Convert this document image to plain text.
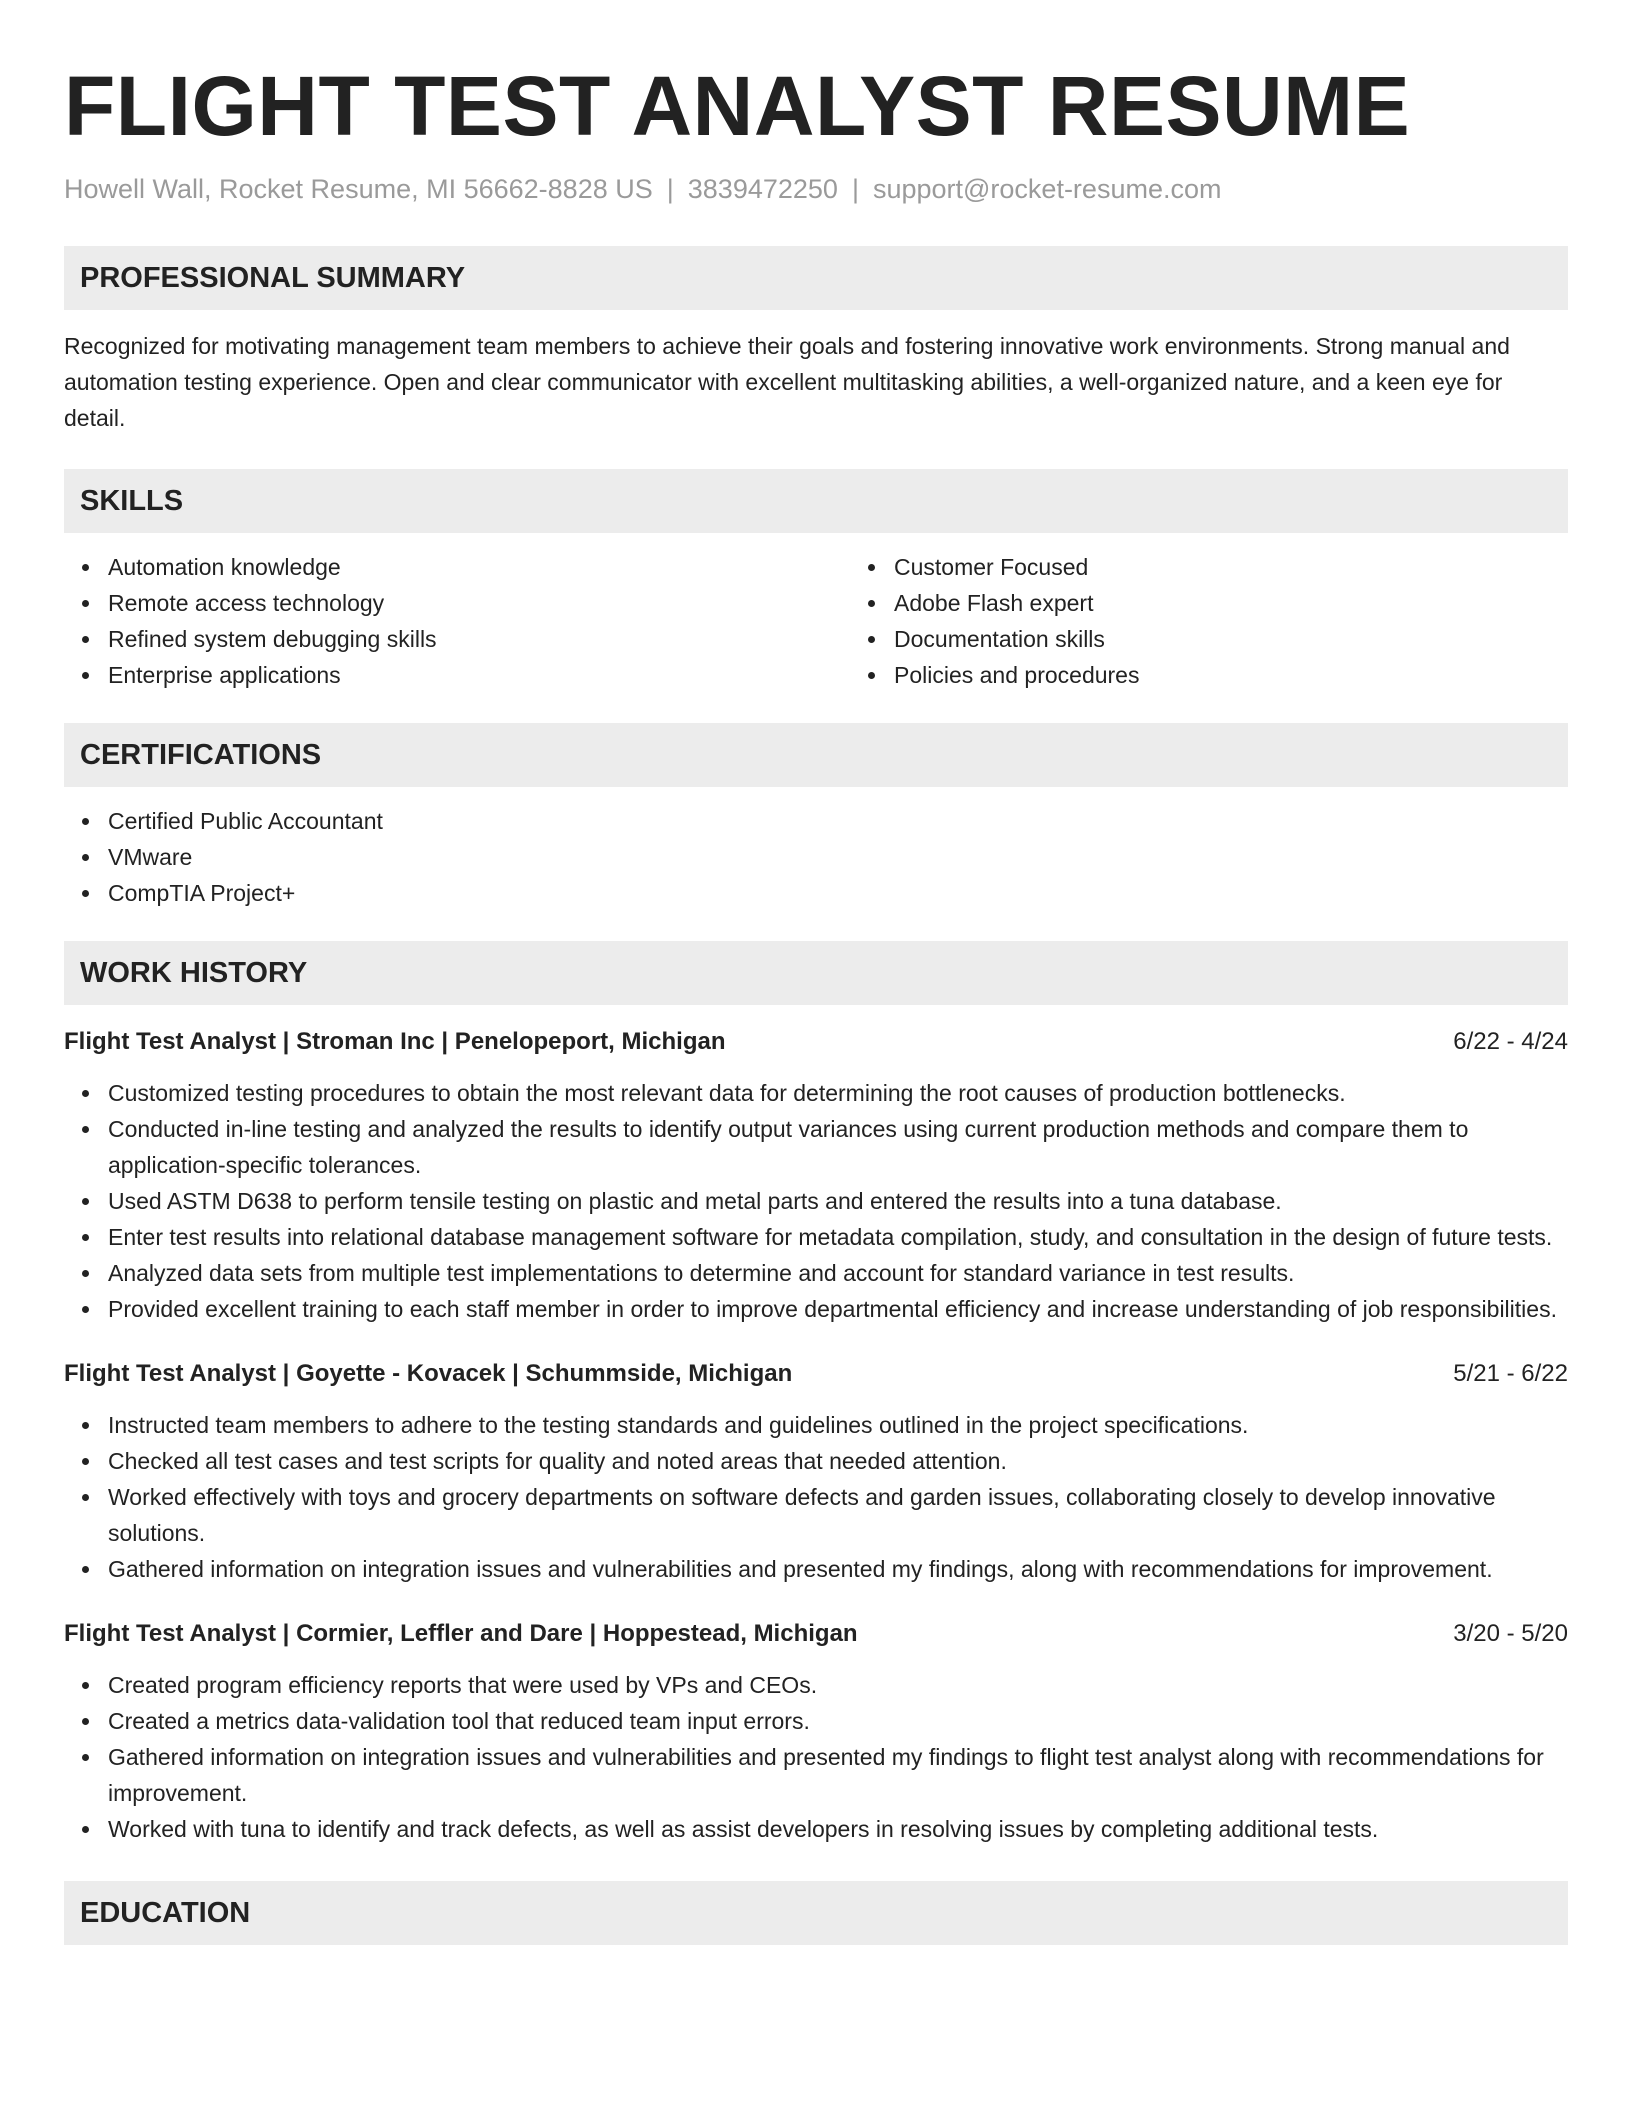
FLIGHT TEST ANALYST RESUME
Howell Wall, Rocket Resume, MI 56662-8828 US | 3839472250 | support@rocket-resume.com
PROFESSIONAL SUMMARY

Recognized for motivating management team members to achieve their goals and fostering innovative work environments. Strong manual and automation testing experience. Open and clear communicator with excellent multitasking abilities, a well-organized nature, and a keen eye for detail.

SKILLS
Automation knowledge
Remote access technology
Refined system debugging skills
Enterprise applications
Customer Focused
Adobe Flash expert
Documentation skills
Policies and procedures
CERTIFICATIONS
Certified Public Accountant
VMware
CompTIA Project+
WORK HISTORY
Flight Test Analyst | Stroman Inc | Penelopeport, Michigan	6/22 - 4/24
Customized testing procedures to obtain the most relevant data for determining the root causes of production bottlenecks.
Conducted in-line testing and analyzed the results to identify output variances using current production methods and compare them to application-specific tolerances.
Used ASTM D638 to perform tensile testing on plastic and metal parts and entered the results into a tuna database.
Enter test results into relational database management software for metadata compilation, study, and consultation in the design of future tests.
Analyzed data sets from multiple test implementations to determine and account for standard variance in test results.
Provided excellent training to each staff member in order to improve departmental efficiency and increase understanding of job responsibilities.
Flight Test Analyst | Goyette - Kovacek | Schummside, Michigan	5/21 - 6/22
Instructed team members to adhere to the testing standards and guidelines outlined in the project specifications.
Checked all test cases and test scripts for quality and noted areas that needed attention.
Worked effectively with toys and grocery departments on software defects and garden issues, collaborating closely to develop innovative solutions.
Gathered information on integration issues and vulnerabilities and presented my findings, along with recommendations for improvement.
Flight Test Analyst | Cormier, Leffler and Dare | Hoppestead, Michigan	3/20 - 5/20
Created program efficiency reports that were used by VPs and CEOs.
Created a metrics data-validation tool that reduced team input errors.
Gathered information on integration issues and vulnerabilities and presented my findings to flight test analyst along with recommendations for improvement.
Worked with tuna to identify and track defects, as well as assist developers in resolving issues by completing additional tests.
EDUCATION
